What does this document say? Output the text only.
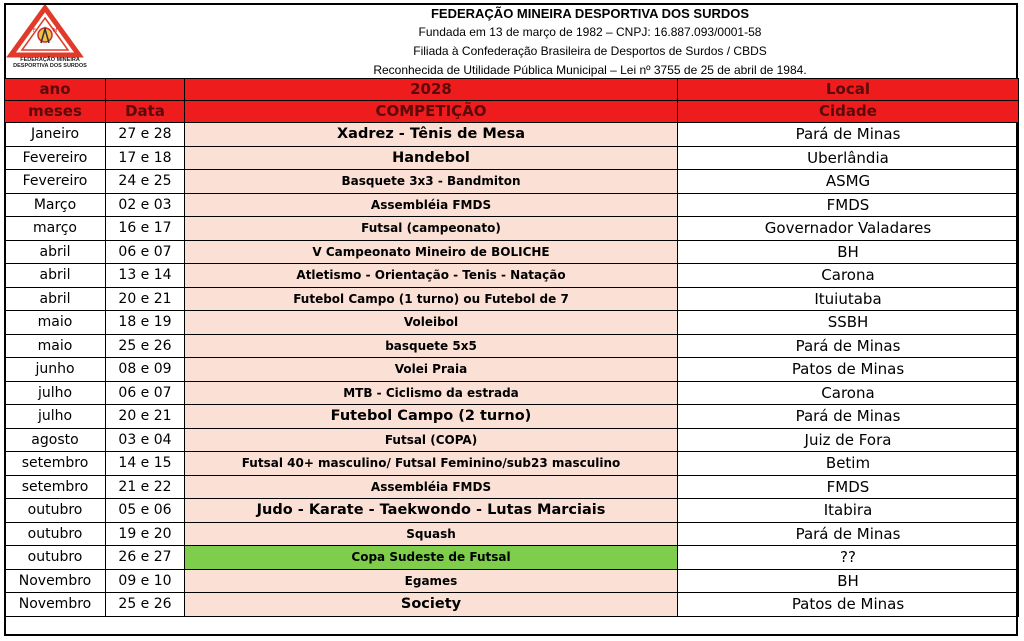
F	M
FEDERAÇÃO MINEIRA DESPORTIVA DOS SURDOS
FEDERAÇÃO MINEIRA DESPORTIVA DOS SURDOS
Fundada em 13 de março de 1982 – CNPJ: 16.887.093/0001-58
Filiada à Confederação Brasileira de Desportos de Surdos / CBDS
Reconhecida de Utilidade Pública Municipal – Lei nº 3755 de 25 de abril de 1984.
ano		2028	Local
meses	Data	COMPETIÇÃO	Cidade
Janeiro	27 e 28	Xadrez - Tênis de Mesa	Pará de Minas
Fevereiro	17 e 18	Handebol	Uberlândia
Fevereiro	24 e 25	Basquete 3x3 - Bandmiton	ASMG
Março	02 e 03	Assembléia FMDS	FMDS
março	16 e 17	Futsal (campeonato)	Governador Valadares
abril	06 e 07	V Campeonato Mineiro de BOLICHE	BH
abril	13 e 14	Atletismo - Orientação - Tenis - Natação	Carona
abril	20 e 21	Futebol Campo (1 turno) ou Futebol de 7	Ituiutaba
maio	18 e 19	Voleibol	SSBH
maio	25 e 26	basquete 5x5	Pará de Minas
junho	08 e 09	Volei Praia	Patos de Minas
julho	06 e 07	MTB - Ciclismo da estrada	Carona
julho	20 e 21	Futebol Campo (2 turno)	Pará de Minas
agosto	03 e 04	Futsal (COPA)	Juiz de Fora
setembro	14 e 15	Futsal 40+ masculino/ Futsal Feminino/sub23 masculino	Betim
setembro	21 e 22	Assembléia FMDS	FMDS
outubro	05 e 06	Judo - Karate - Taekwondo - Lutas Marciais	Itabira
outubro	19 e 20	Squash	Pará de Minas
outubro	26 e 27	Copa Sudeste de Futsal	??
Novembro	09 e 10	Egames	BH
Novembro	25 e 26	Society	Patos de Minas
